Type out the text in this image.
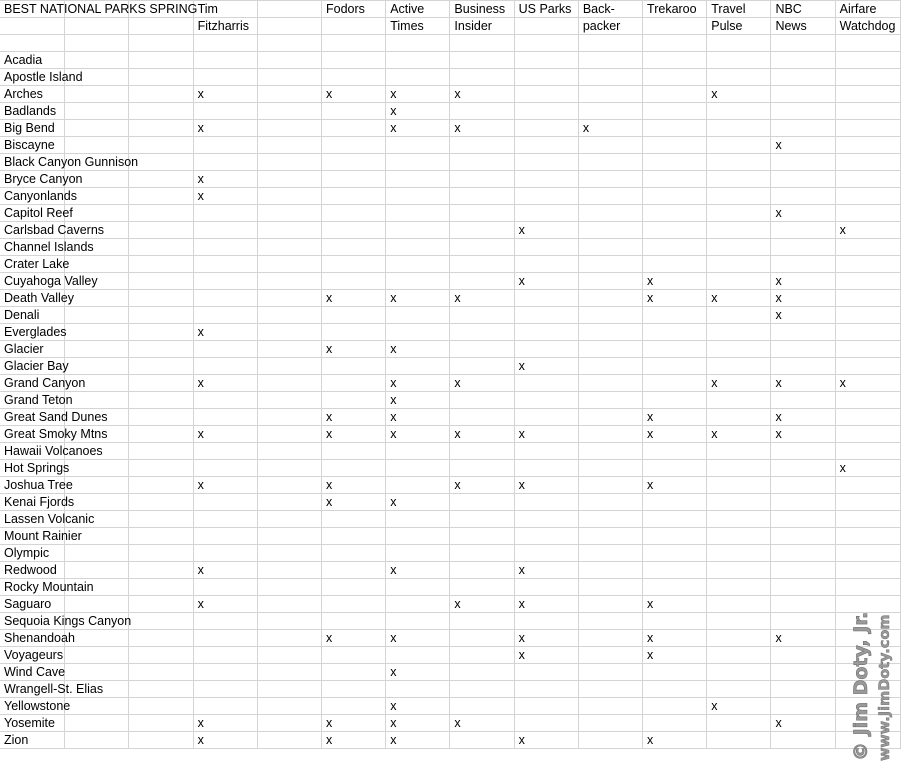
BEST NATIONAL PARKS SPRING			Tim		Fodors	Active	Business	US Parks	Back-	Trekaroo	Travel	NBC	Airfare
			Fitzharris			Times	Insider		packer		Pulse	News	Watchdog

Acadia													
Apostle Island													
Arches			x		x	x	x				x		
Badlands						x							
Big Bend			x			x	x		x				
Biscayne												x	
Black Canyon Gunnison													
Bryce Canyon			x										
Canyonlands			x										
Capitol Reef												x	
Carlsbad Caverns								x					x
Channel Islands													
Crater Lake													
Cuyahoga Valley								x		x		x	
Death Valley					x	x	x			x	x	x	
Denali												x	
Everglades			x										
Glacier					x	x							
Glacier Bay								x					
Grand Canyon			x			x	x				x	x	x
Grand Teton						x							
Great Sand Dunes					x	x				x		x	
Great Smoky Mtns			x		x	x	x	x		x	x	x	
Hawaii Volcanoes													
Hot Springs													x
Joshua Tree			x		x		x	x		x			
Kenai Fjords					x	x							
Lassen Volcanic													
Mount Rainier													
Olympic													
Redwood			x			x		x					
Rocky Mountain													
Saguaro			x				x	x		x			
Sequoia Kings Canyon													
Shenandoah					x	x		x		x		x	
Voyageurs								x		x			
Wind Cave						x							
Wrangell-St. Elias													
Yellowstone						x					x		
Yosemite			x		x	x	x					x	
Zion			x		x	x		x		x				© Jim Doty, Jr. www.JimDoty.com
